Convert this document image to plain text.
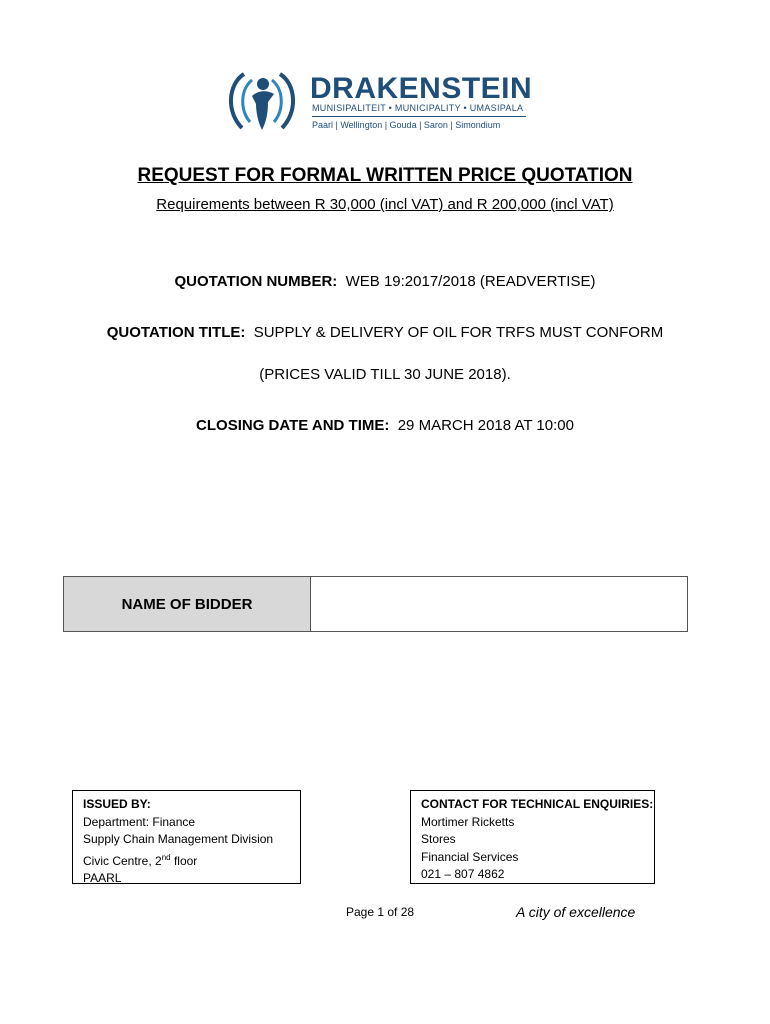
DRAKENSTEIN
MUNISIPALITEIT • MUNICIPALITY • UMASIPALA
Paarl | Wellington | Gouda | Saron | Simondium
REQUEST FOR FORMAL WRITTEN PRICE QUOTATION
Requirements between R 30,000 (incl VAT) and R 200,000 (incl VAT)
QUOTATION NUMBER: WEB 19:2017/2018 (READVERTISE)
QUOTATION TITLE: SUPPLY & DELIVERY OF OIL FOR TRFS MUST CONFORM
(PRICES VALID TILL 30 JUNE 2018).
CLOSING DATE AND TIME: 29 MARCH 2018 AT 10:00
NAME OF BIDDER
ISSUED BY:
Department: Finance
Supply Chain Management Division
Civic Centre, 2nd floor
PAARL
CONTACT FOR TECHNICAL ENQUIRIES:
Mortimer Ricketts
Stores
Financial Services
021 – 807 4862
Page 1 of 28	A city of excellence
